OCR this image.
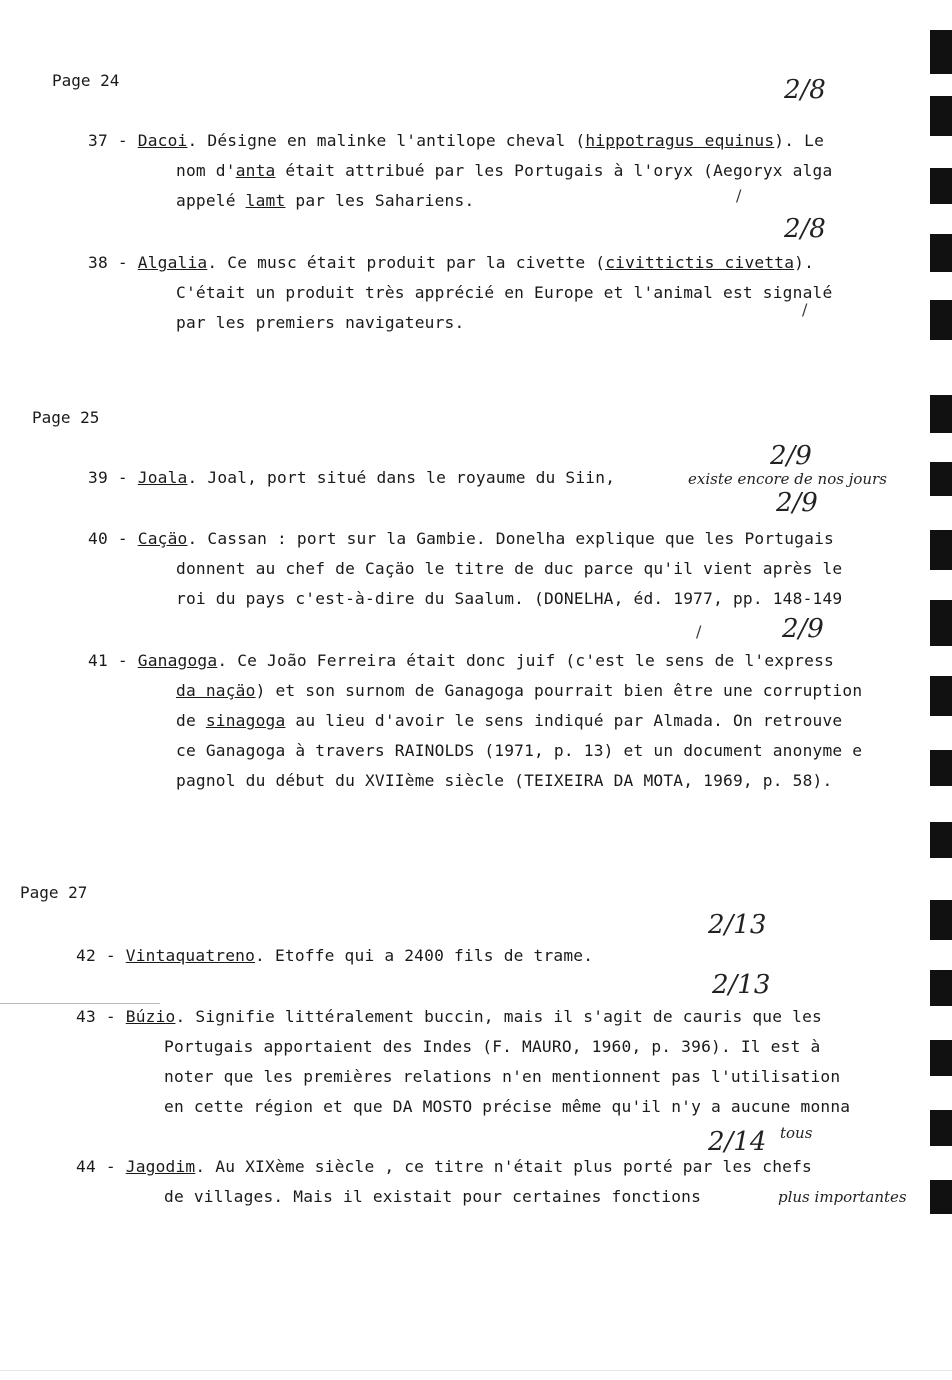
Page 24	2/8
37 - Dacoi. Désigne en malinke l'antilope cheval (hippotragus equinus). Le
nom d'anta était attribué par les Portugais à l'oryx (Aegoryx alga
appelé lamt par les Sahariens.
2/8
38 - Algalia. Ce musc était produit par la civette (civittictis civetta).
C'était un produit très apprécié en Europe et l'animal est signalé
par les premiers navigateurs.
Page 25
2/9
39 - Joala. Joal, port situé dans le royaume du Siin,	existe encore de nos jours
2/9
40 - Caçäo. Cassan : port sur la Gambie. Donelha explique que les Portugais
donnent au chef de Caçäo le titre de duc parce qu'il vient après le
roi du pays c'est-à-dire du Saalum. (DONELHA, éd. 1977, pp. 148-149
2/9
41 - Ganagoga. Ce João Ferreira était donc juif (c'est le sens de l'express
da naçäo) et son surnom de Ganagoga pourrait bien être une corruption
de sinagoga au lieu d'avoir le sens indiqué par Almada. On retrouve
ce Ganagoga à travers RAINOLDS (1971, p. 13) et un document anonyme e
pagnol du début du XVIIème siècle (TEIXEIRA DA MOTA, 1969, p. 58).
Page 27
2/13
42 - Vintaquatreno. Etoffe qui a 2400 fils de trame.
2/13
43 - Búzio. Signifie littéralement buccin, mais il s'agit de cauris que les
Portugais apportaient des Indes (F. MAURO, 1960, p. 396). Il est à
noter que les premières relations n'en mentionnent pas l'utilisation
en cette région et que DA MOSTO précise même qu'il n'y a aucune monna
2/14 tous
44 - Jagodim. Au XIXème siècle , ce titre n'était plus porté par les chefs
de villages. Mais il existait pour certaines fonctions	plus importantes
/
/
/
